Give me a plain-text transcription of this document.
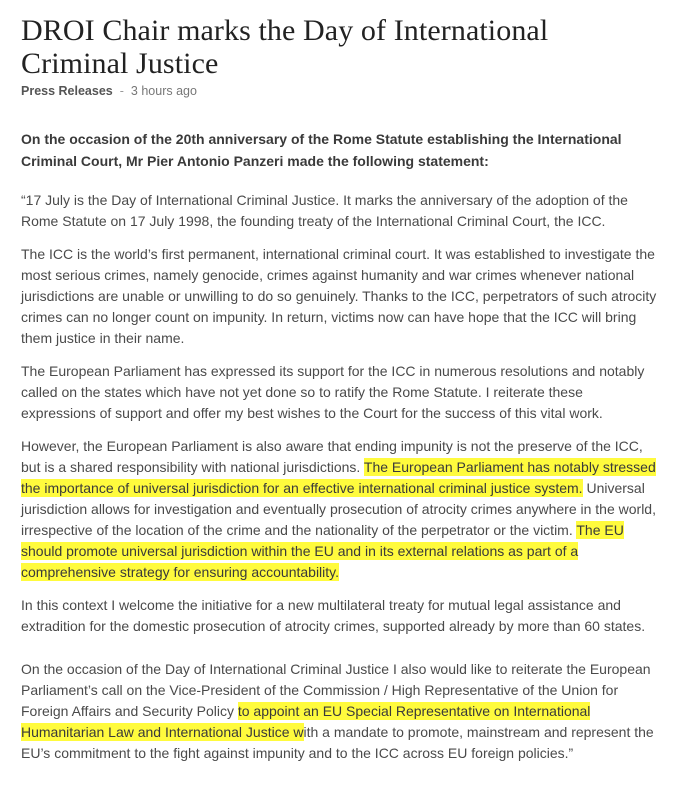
DROI Chair marks the Day of International Criminal Justice
Press Releases - 3 hours ago
On the occasion of the 20th anniversary of the Rome Statute establishing the International Criminal Court, Mr Pier Antonio Panzeri made the following statement:

“17 July is the Day of International Criminal Justice. It marks the anniversary of the adoption of the Rome Statute on 17 July 1998, the founding treaty of the International Criminal Court, the ICC.

The ICC is the world’s first permanent, international criminal court. It was established to investigate the most serious crimes, namely genocide, crimes against humanity and war crimes whenever national jurisdictions are unable or unwilling to do so genuinely. Thanks to the ICC, perpetrators of such atrocity crimes can no longer count on impunity. In return, victims now can have hope that the ICC will bring them justice in their name.

The European Parliament has expressed its support for the ICC in numerous resolutions and notably called on the states which have not yet done so to ratify the Rome Statute. I reiterate these expressions of support and offer my best wishes to the Court for the success of this vital work.

However, the European Parliament is also aware that ending impunity is not the preserve of the ICC, but is a shared responsibility with national jurisdictions. The European Parliament has notably stressed the importance of universal jurisdiction for an effective international criminal justice system. Universal jurisdiction allows for investigation and eventually prosecution of atrocity crimes anywhere in the world, irrespective of the location of the crime and the nationality of the perpetrator or the victim. The EU should promote universal jurisdiction within the EU and in its external relations as part of a comprehensive strategy for ensuring accountability.

In this context I welcome the initiative for a new multilateral treaty for mutual legal assistance and extradition for the domestic prosecution of atrocity crimes, supported already by more than 60 states.

On the occasion of the Day of International Criminal Justice I also would like to reiterate the European Parliament’s call on the Vice-President of the Commission / High Representative of the Union for Foreign Affairs and Security Policy to appoint an EU Special Representative on International Humanitarian Law and International Justice with a mandate to promote, mainstream and represent the EU’s commitment to the fight against impunity and to the ICC across EU foreign policies.”
